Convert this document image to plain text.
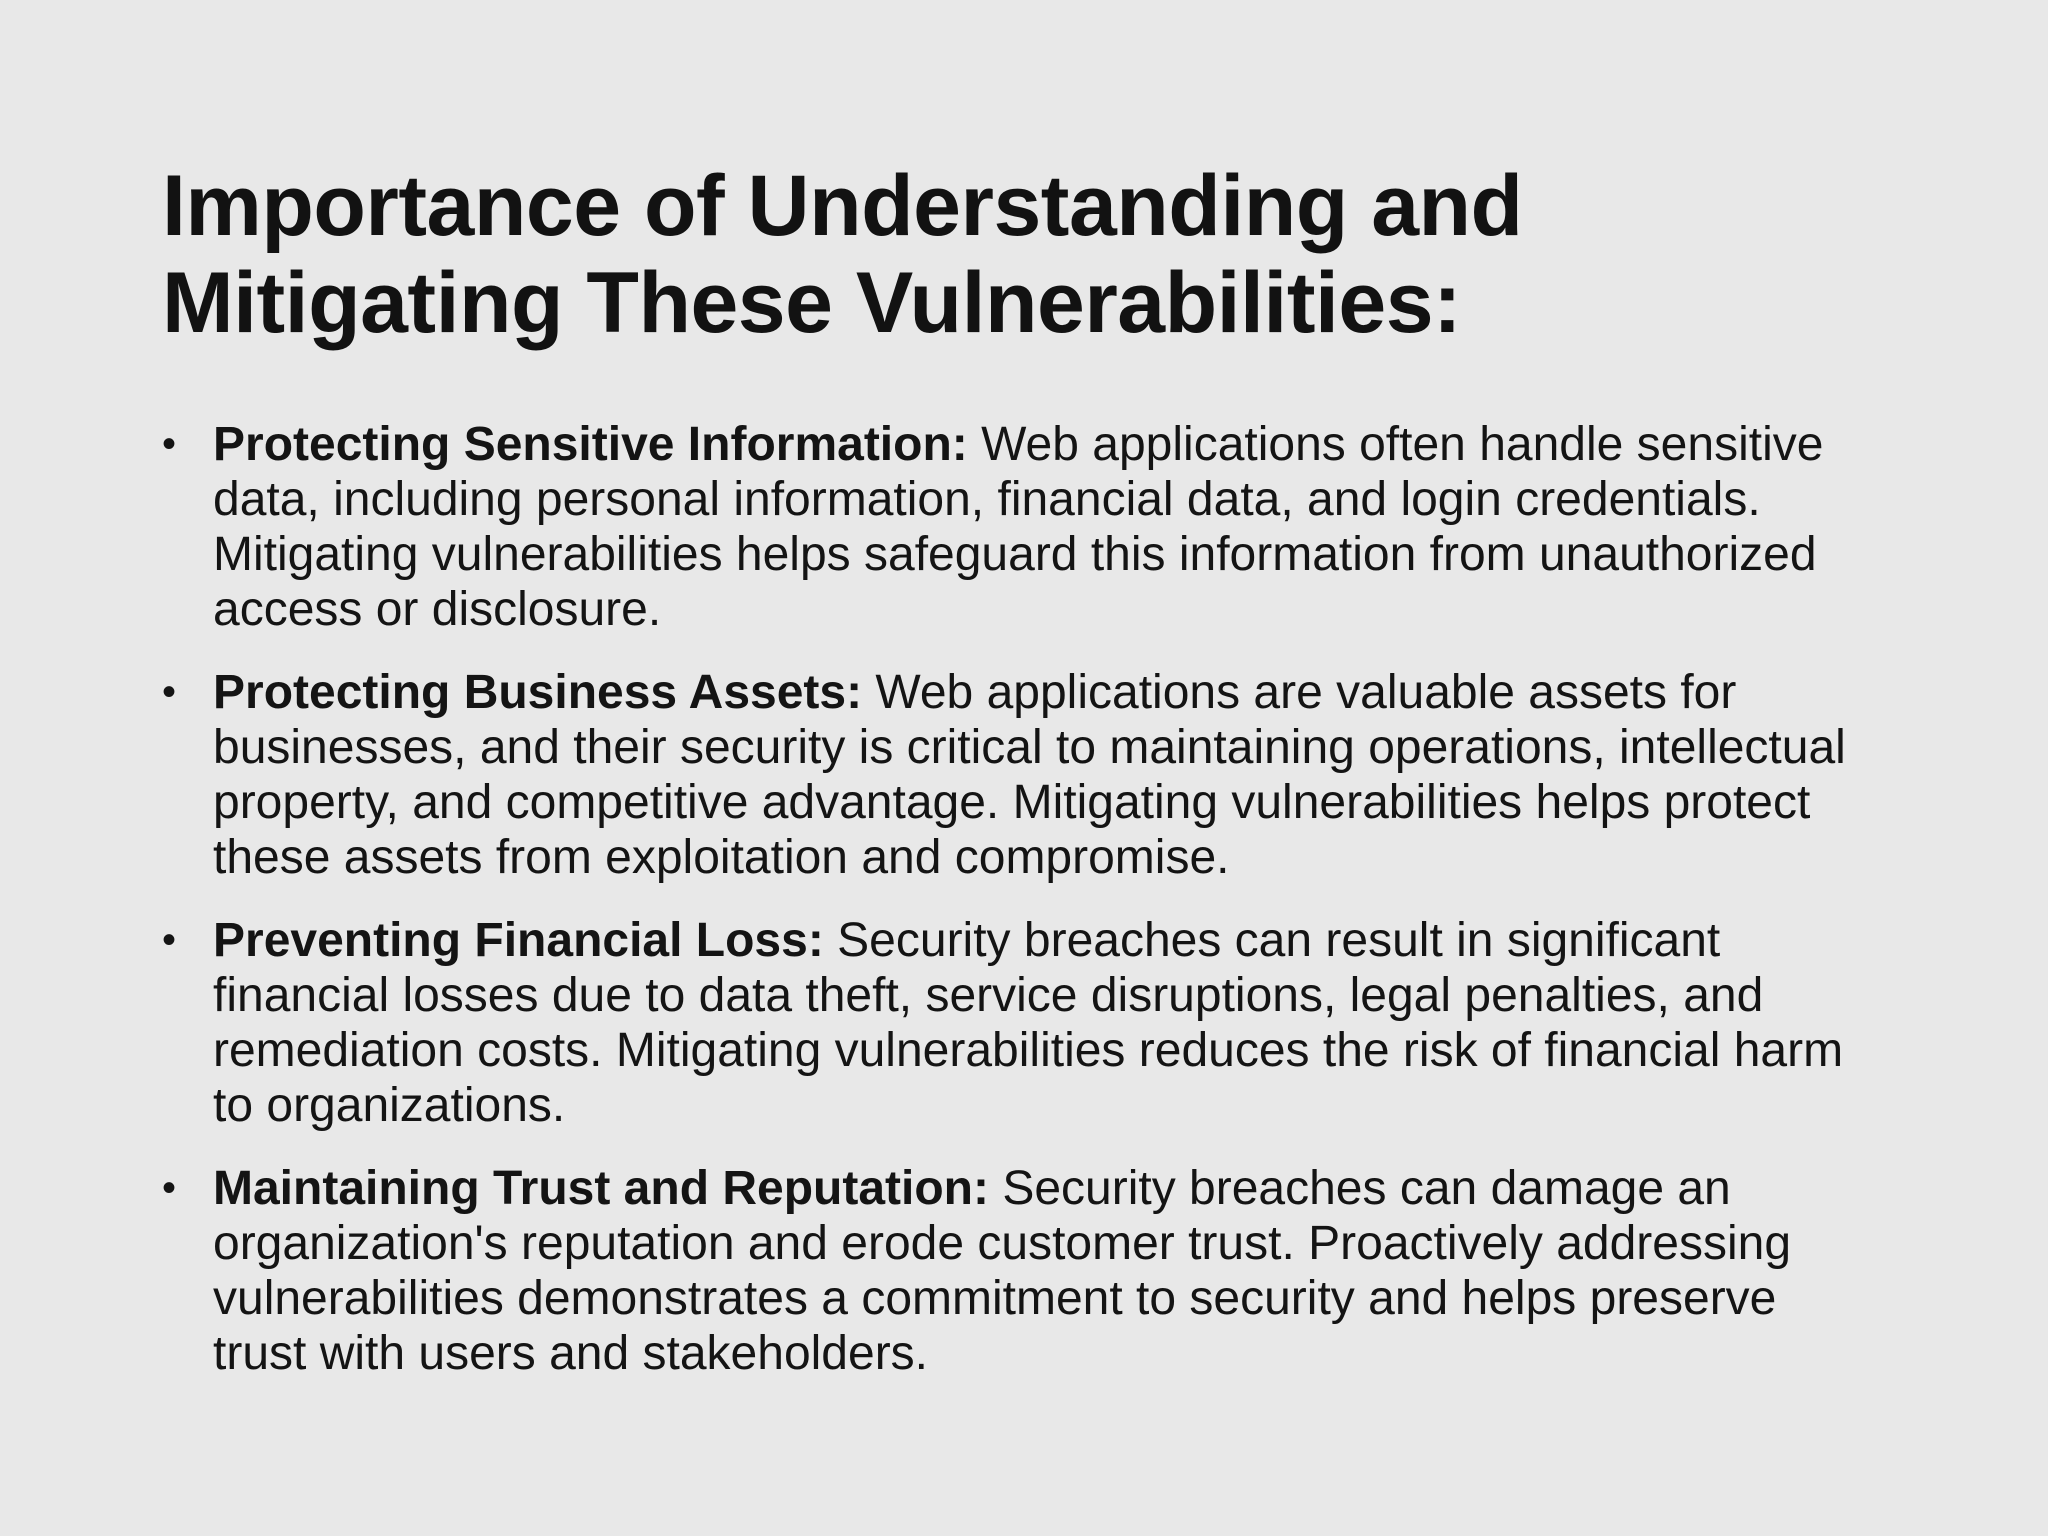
Importance of Understanding and
Mitigating These Vulnerabilities:
• Protecting Sensitive Information: Web applications often handle sensitive data, including personal information, financial data, and login credentials. Mitigating vulnerabilities helps safeguard this information from unauthorized access or disclosure.
• Protecting Business Assets: Web applications are valuable assets for businesses, and their security is critical to maintaining operations, intellectual property, and competitive advantage. Mitigating vulnerabilities helps protect these assets from exploitation and compromise.
• Preventing Financial Loss: Security breaches can result in significant financial losses due to data theft, service disruptions, legal penalties, and remediation costs. Mitigating vulnerabilities reduces the risk of financial harm to organizations.
• Maintaining Trust and Reputation: Security breaches can damage an organization's reputation and erode customer trust. Proactively addressing vulnerabilities demonstrates a commitment to security and helps preserve trust with users and stakeholders.
